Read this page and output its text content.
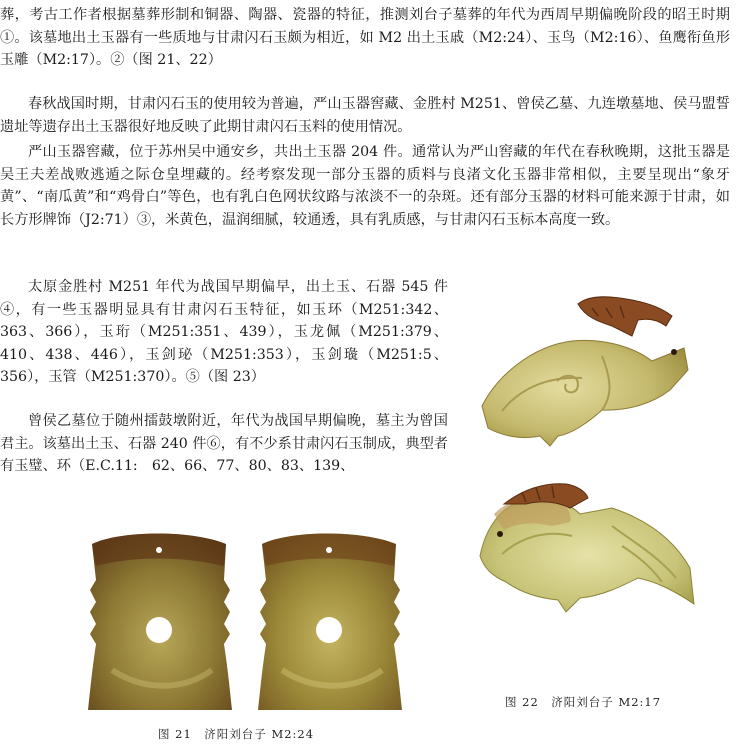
葬，考古工作者根据墓葬形制和铜器、陶器、瓷器的特征，推测刘台子墓葬的年代为西周早期偏晚阶段的昭王时期①。该墓地出土玉器有一些质地与甘肃闪石玉颇为相近，如 M2 出土玉戚（M2:24）、玉鸟（M2:16）、鱼鹰衔鱼形玉雕（M2:17）。②（图 21、22）

春秋战国时期，甘肃闪石玉的使用较为普遍，严山玉器窖藏、金胜村 M251、曾侯乙墓、九连墩墓地、侯马盟誓遗址等遗存出土玉器很好地反映了此期甘肃闪石玉料的使用情况。

严山玉器窖藏，位于苏州吴中通安乡，共出土玉器 204 件。通常认为严山窖藏的年代在春秋晚期，这批玉器是吴王夫差战败逃遁之际仓皇埋藏的。经考察发现一部分玉器的质料与良渚文化玉器非常相似，主要呈现出“象牙黄”、“南瓜黄”和“鸡骨白”等色，也有乳白色网状纹路与浓淡不一的杂斑。还有部分玉器的材料可能来源于甘肃，如长方形牌饰（J2:71）③，米黄色，温润细腻，较通透，具有乳质感，与甘肃闪石玉标本高度一致。

太原金胜村 M251 年代为战国早期偏早，出土玉、石器 545 件④，有一些玉器明显具有甘肃闪石玉特征，如玉环（M251:342、363、366），玉珩（M251:351、439），玉龙佩（M251:379、410、438、446），玉剑珌（M251:353），玉剑璏（M251:5、356），玉管（M251:370）。⑤（图 23）

曾侯乙墓位于随州擂鼓墩附近，年代为战国早期偏晚，墓主为曾国君主。该墓出土玉、石器 240 件⑥，有不少系甘肃闪石玉制成，典型者有玉璧、环（E.C.11:　62、66、77、80、83、139、

图 22　济阳刘台子 M2:17
图 21　济阳刘台子 M2:24
